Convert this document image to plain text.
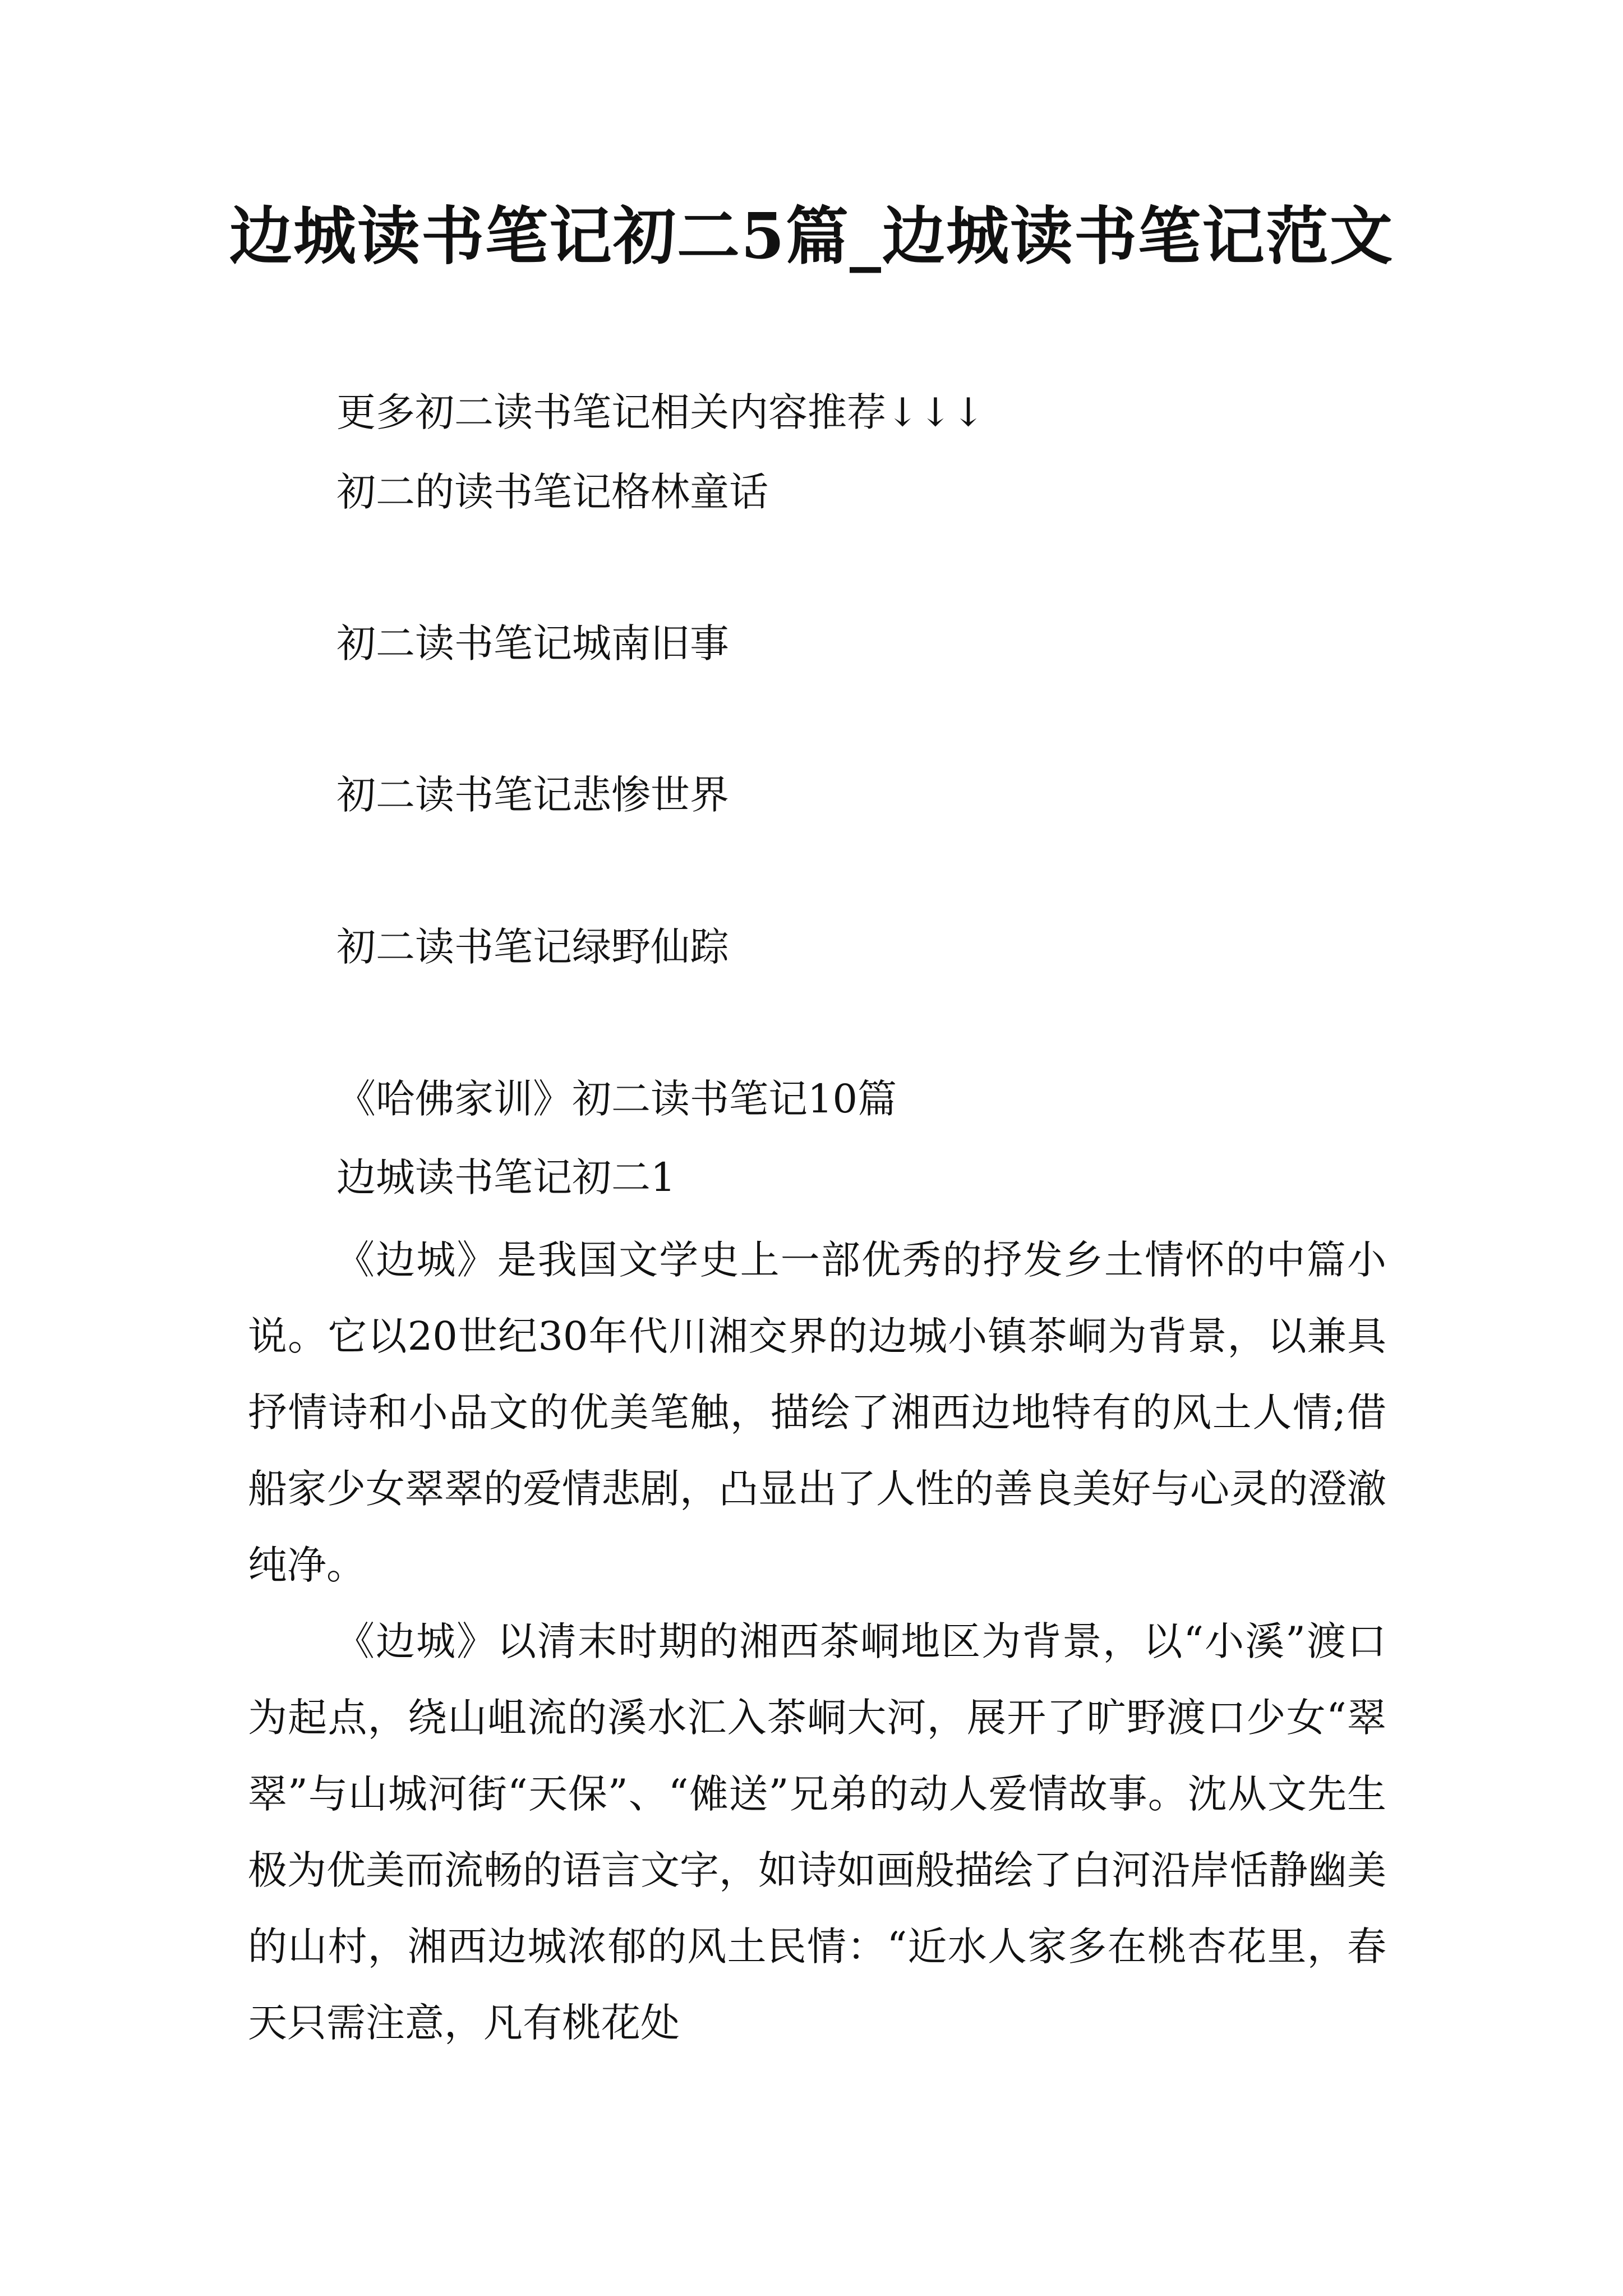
边城读书笔记初二5篇_边城读书笔记范文

更多初二读书笔记相关内容推荐↓↓↓

初二的读书笔记格林童话

初二读书笔记城南旧事

初二读书笔记悲惨世界

初二读书笔记绿野仙踪

《哈佛家训》初二读书笔记10篇

边城读书笔记初二1

《边城》是我国文学史上一部优秀的抒发乡土情怀的中篇小说。它以20世纪30年代川湘交界的边城小镇茶峒为背景，以兼具抒情诗和小品文的优美笔触，描绘了湘西边地特有的风土人情;借船家少女翠翠的爱情悲剧，凸显出了人性的善良美好与心灵的澄澈纯净。

《边城》以清末时期的湘西茶峒地区为背景，以“小溪”渡口为起点，绕山岨流的溪水汇入茶峒大河，展开了旷野渡口少女“翠翠”与山城河街“天保”、“傩送”兄弟的动人爱情故事。沈从文先生极为优美而流畅的语言文字，如诗如画般描绘了白河沿岸恬静幽美的山村，湘西边城浓郁的风土民情：“近水人家多在桃杏花里，春天只需注意，凡有桃花处
